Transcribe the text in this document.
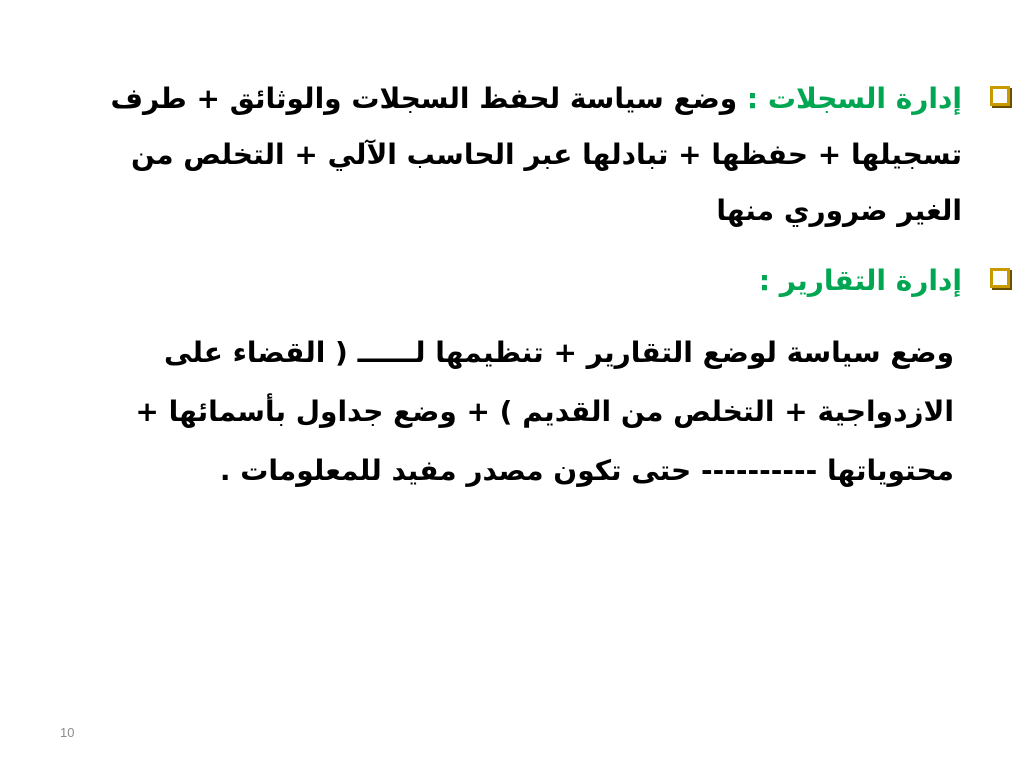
إدارة السجلات : وضع سياسة لحفظ السجلات والوثائق + طرف تسجيلها + حفظها + تبادلها عبر الحاسب الآلي + التخلص من الغير ضروري منها
إدارة التقارير :
وضع سياسة لوضع التقارير + تنظيمها لــــــ ( القضاء على الازدواجية + التخلص من القديم ) + وضع جداول بأسمائها + محتوياتها ---------- حتى تكون مصدر مفيد للمعلومات .
10
